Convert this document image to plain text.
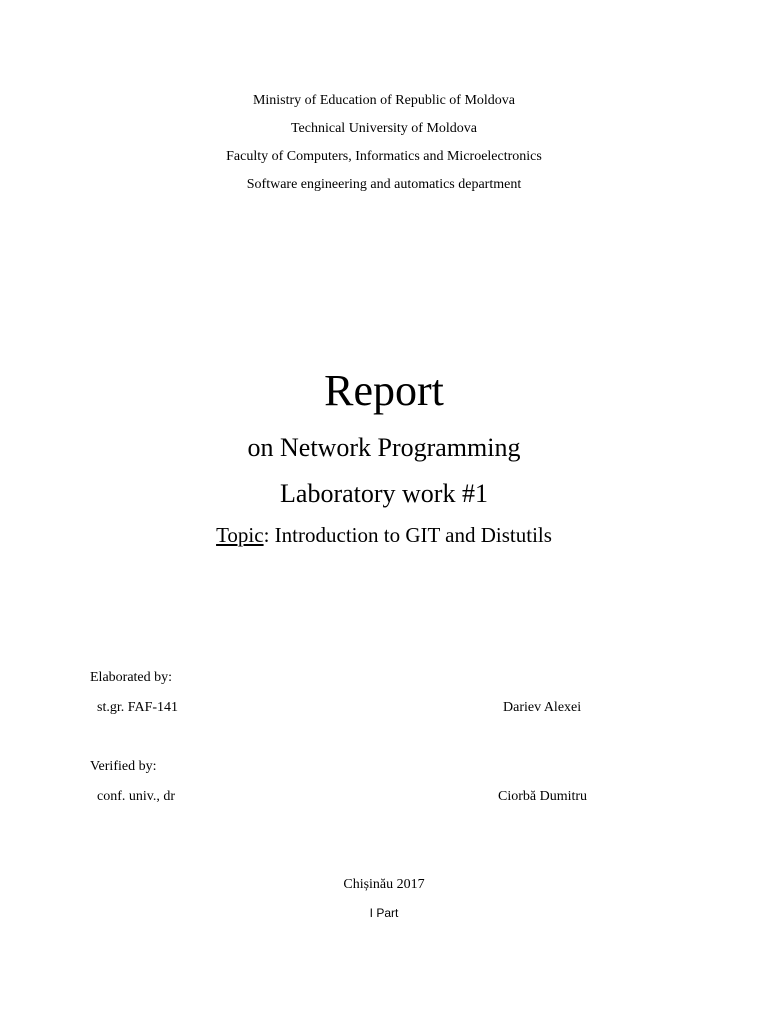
Ministry of Education of Republic of Moldova
Technical University of Moldova
Faculty of Computers, Informatics and Microelectronics
Software engineering and automatics department
Report
on Network Programming
Laboratory work #1
Topic: Introduction to GIT and Distutils
Elaborated by:
st.gr. FAF-141	Dariev Alexei
Verified by:
conf. univ., dr	Ciorbă Dumitru
Chișinău 2017
I Part
